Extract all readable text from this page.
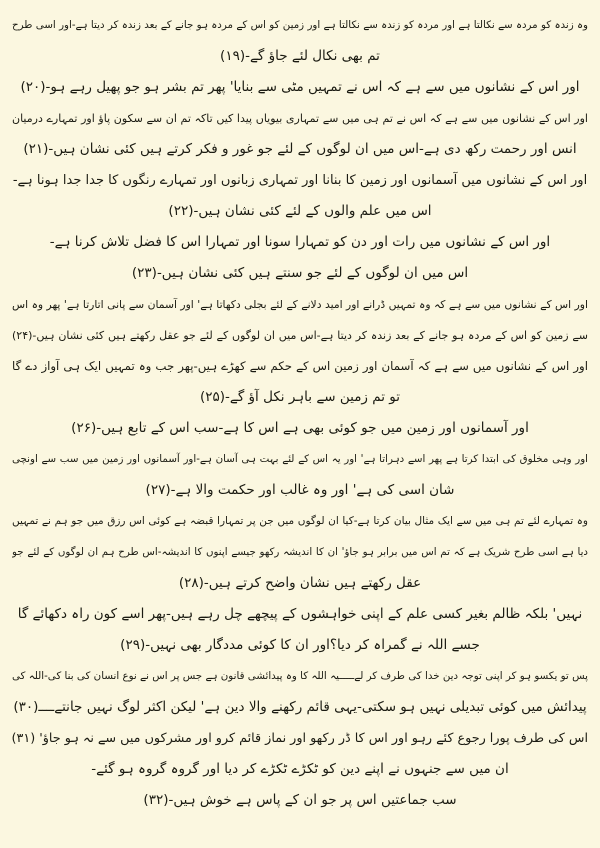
وہ زندہ کو مردہ سے نکالتا ہے اور مردہ کو زندہ سے نکالتا ہے اور زمین کو اس کے مردہ ہو جانے کے بعد زندہ کر دیتا ہے-اور اسی طرح
تم بھی نکال لئے جاؤ گے-(۱۹)
اور اس کے نشانوں میں سے ہے کہ اس نے تمہیں مٹی سے بنایا' پھر تم بشر ہو جو پھیل رہے ہو-(۲۰)
اور اس کے نشانوں میں سے ہے کہ اس نے تم ہی میں سے تمہاری بیویاں پیدا کیں تاکہ تم ان سے سکون پاؤ اور تمہارے درمیان
انس اور رحمت رکھ دی ہے-اس میں ان لوگوں کے لئے جو غور و فکر کرتے ہیں کئی نشان ہیں-(۲۱)
اور اس کے نشانوں میں آسمانوں اور زمین کا بنانا اور تمہاری زبانوں اور تمہارے رنگوں کا جدا جدا ہونا ہے-
اس میں علم والوں کے لئے کئی نشان ہیں-(۲۲)
اور اس کے نشانوں میں رات اور دن کو تمہارا سونا اور تمہارا اس کا فضل تلاش کرنا ہے-
اس میں ان لوگوں کے لئے جو سنتے ہیں کئی نشان ہیں-(۲۳)
اور اس کے نشانوں میں سے ہے کہ وہ تمہیں ڈرانے اور امید دلانے کے لئے بجلی دکھاتا ہے' اور آسمان سے پانی اتارتا ہے' پھر وہ اس
سے زمین کو اس کے مردہ ہو جانے کے بعد زندہ کر دیتا ہے-اس میں ان لوگوں کے لئے جو عقل رکھتے ہیں کئی نشان ہیں-(۲۴)
اور اس کے نشانوں میں سے ہے کہ آسمان اور زمین اس کے حکم سے کھڑے ہیں-پھر جب وہ تمہیں ایک ہی آواز دے گا
تو تم زمین سے باہر نکل آؤ گے-(۲۵)
اور آسمانوں اور زمین میں جو کوئی بھی ہے اس کا ہے-سب اس کے تابع ہیں-(۲۶)
اور وہی مخلوق کی ابتدا کرتا ہے پھر اسے دہراتا ہے' اور یہ اس کے لئے بہت ہی آسان ہے-اور آسمانوں اور زمین میں سب سے اونچی
شان اسی کی ہے' اور وہ غالب اور حکمت والا ہے-(۲۷)
وہ تمہارے لئے تم ہی میں سے ایک مثال بیان کرتا ہے-کیا ان لوگوں میں جن پر تمہارا قبضہ ہے کوئی اس رزق میں جو ہم نے تمہیں
دیا ہے اسی طرح شریک ہے کہ تم اس میں برابر ہو جاؤ' ان کا اندیشہ رکھو جیسے اپنوں کا اندیشہ-اس طرح ہم ان لوگوں کے لئے جو
عقل رکھتے ہیں نشان واضح کرتے ہیں-(۲۸)
نہیں' بلکہ ظالم بغیر کسی علم کے اپنی خواہشوں کے پیچھے چل رہے ہیں-پھر اسے کون راہ دکھائے گا
جسے اللہ نے گمراہ کر دیا؟اور ان کا کوئی مددگار بھی نہیں-(۲۹)
پس تو یکسو ہو کر اپنی توجہ دین خدا کی طرف کر لےـــــیہ اللہ کا وہ پیدائشی قانون ہے جس پر اس نے نوع انسان کی بنا کی-اللہ کی
پیدائش میں کوئی تبدیلی نہیں ہو سکتی-یہی قائم رکھنے والا دین ہے' لیکن اکثر لوگ نہیں جانتےــــ(۳۰)
اس کی طرف پورا رجوع کئے رہو اور اس کا ڈر رکھو اور نماز قائم کرو اور مشرکوں میں سے نہ ہو جاؤ' (۳۱)
ان میں سے جنہوں نے اپنے دین کو ٹکڑے ٹکڑے کر دیا اور گروہ گروہ ہو گئے-
سب جماعتیں اس پر جو ان کے پاس ہے خوش ہیں-(۳۲)
